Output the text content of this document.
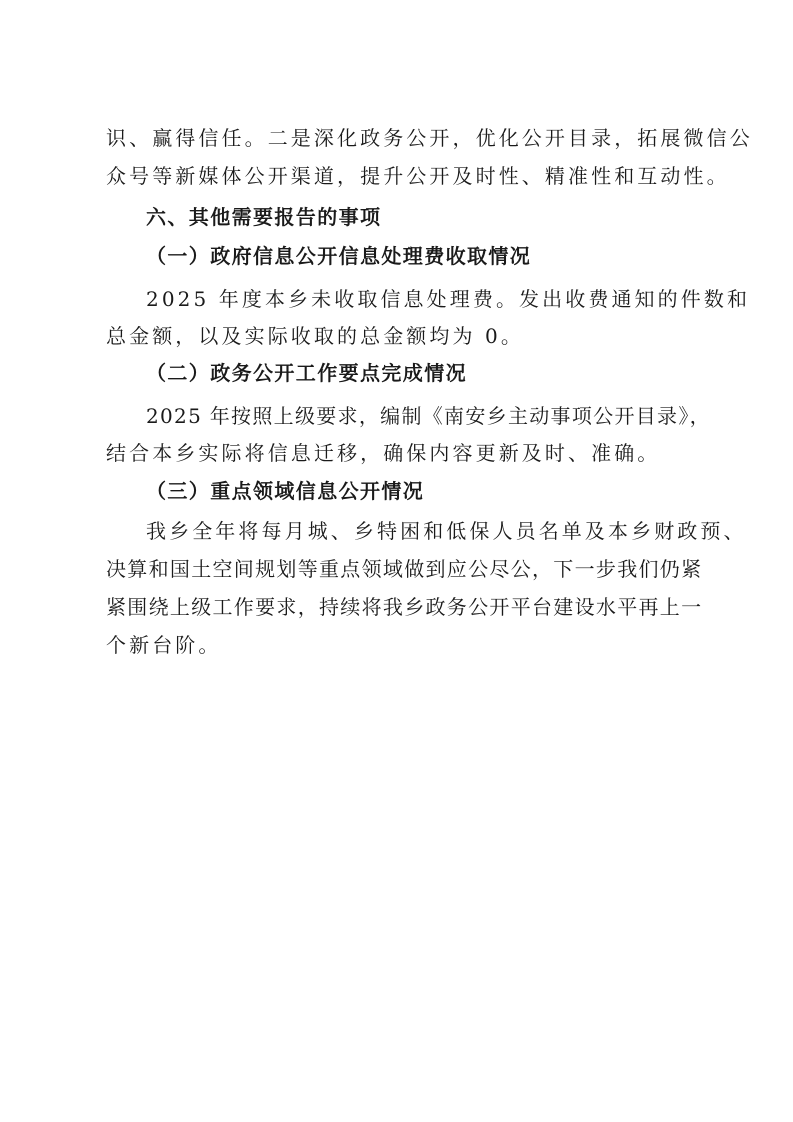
识、赢得信任。二是深化政务公开，优化公开目录，拓展微信公
众号等新媒体公开渠道，提升公开及时性、精准性和互动性。
六、其他需要报告的事项
（一）政府信息公开信息处理费收取情况
2025 年度本乡未收取信息处理费。发出收费通知的件数和
总金额，以及实际收取的总金额均为 0。
（二）政务公开工作要点完成情况
2025 年按照上级要求，编制《南安乡主动事项公开目录》，
结合本乡实际将信息迁移，确保内容更新及时、准确。
（三）重点领域信息公开情况
我乡全年将每月城、乡特困和低保人员名单及本乡财政预、
决算和国土空间规划等重点领域做到应公尽公，下一步我们仍紧
紧围绕上级工作要求，持续将我乡政务公开平台建设水平再上一
个新台阶。
